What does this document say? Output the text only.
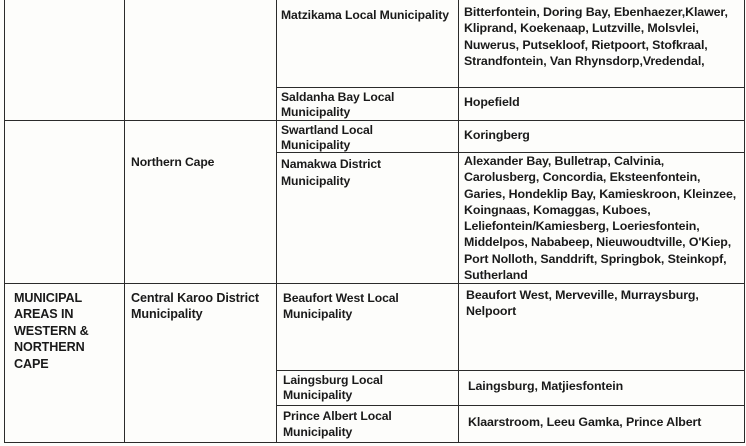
Matzikama Local Municipality	Bitterfontein, Doring Bay, Ebenhaezer,Klawer, Kliprand, Koekenaap, Lutzville, Molsvlei, Nuwerus, Putsekloof, Rietpoort, Stofkraal, Strandfontein, Van Rhynsdorp,Vredendal,
Saldanha Bay Local Municipality
Hopefield
Swartland Local Municipality
Koringberg
Northern Cape	Namakwa District Municipality
Alexander Bay, Bulletrap, Calvinia, Carolusberg, Concordia, Eksteenfontein, Garies, Hondeklip Bay, Kamieskroon, Kleinzee, Koingnaas, Komaggas, Kuboes, Leliefontein/Kamiesberg, Loeriesfontein, Middelpos, Nababeep, Nieuwoudtville, O'Kiep, Port Nolloth, Sanddrift, Springbok, Steinkopf, Sutherland
MUNICIPAL AREAS IN WESTERN & NORTHERN CAPE
Central Karoo District Municipality
Beaufort West Local Municipality
Beaufort West, Merveville, Murraysburg, Nelpoort
Laingsburg Local Municipality
Laingsburg, Matjiesfontein
Prince Albert Local Municipality
Klaarstroom, Leeu Gamka, Prince Albert
